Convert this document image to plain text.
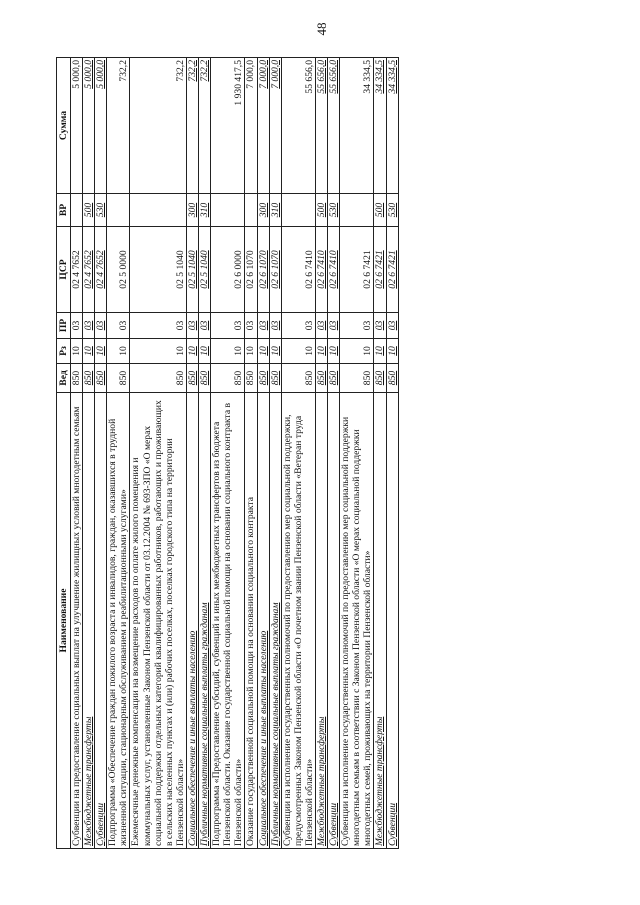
48
Наименование	Вед	Рз	ПР	ЦСР	ВР	Сумма
Субвенции на предоставление социальных выплат на улучшение жилищных условий многодетным семьям	850	10	03	02 4 7652		5 000,0
Межбюджетные трансферты	850	10	03	02 4 7652	500	5 000,0
Субвенции	850	10	03	02 4 7652	530	5 000,0
Подпрограмма «Обеспечение граждан пожилого возраста и инвалидов, граждан, оказавшихся в трудной жизненной ситуации, стационарным обслуживанием и реабилитационными услугами»	850	10	03	02 5 0000		732,2
Ежемесячные денежные компенсации на возмещение расходов по оплате жилого помещения и коммунальных услуг, установленные Законом Пензенской области от 03.12.2004 № 693-ЗПО «О мерах социальной поддержки отдельных категорий квалифицированных работников, работающих и проживающих в сельских населенных пунктах и (или) рабочих поселках, поселках городского типа на территории Пензенской области»	850	10	03	02 5 1040		732,2
Социальное обеспечение и иные выплаты населению	850	10	03	02 5 1040	300	732,2
Публичные нормативные социальные выплаты гражданам	850	10	03	02 5 1040	310	732,2
Подпрограмма «Предоставление субсидий, субвенций и иных межбюджетных трансфертов из бюджета Пензенской области. Оказание государственной социальной помощи на основании социального контракта в Пензенской области»	850	10	03	02 6 0000		1 930 417,5
Оказание государственной социальной помощи на основании социального контракта	850	10	03	02 6 1070		7 000,0
Социальное обеспечение и иные выплаты населению	850	10	03	02 6 1070	300	7 000,0
Публичные нормативные социальные выплаты гражданам	850	10	03	02 6 1070	310	7 000,0
Субвенции на исполнение государственных полномочий по предоставлению мер социальной поддержки, предусмотренных Законом Пензенской области «О почетном звании Пензенской области «Ветеран труда Пензенской области»	850	10	03	02 6 7410		55 656,0
Межбюджетные трансферты	850	10	03	02 6 7410	500	55 656,0
Субвенции	850	10	03	02 6 7410	530	55 656,0
Субвенции на исполнение государственных полномочий по предоставлению мер социальной поддержки многодетным семьям в соответствии с Законом Пензенской области «О мерах социальной поддержки многодетных семей, проживающих на территории Пензенской области»	850	10	03	02 6 7421		34 334,5
Межбюджетные трансферты	850	10	03	02 6 7421	500	34 334,5
Субвенции	850	10	03	02 6 7421	530	34 334,5
